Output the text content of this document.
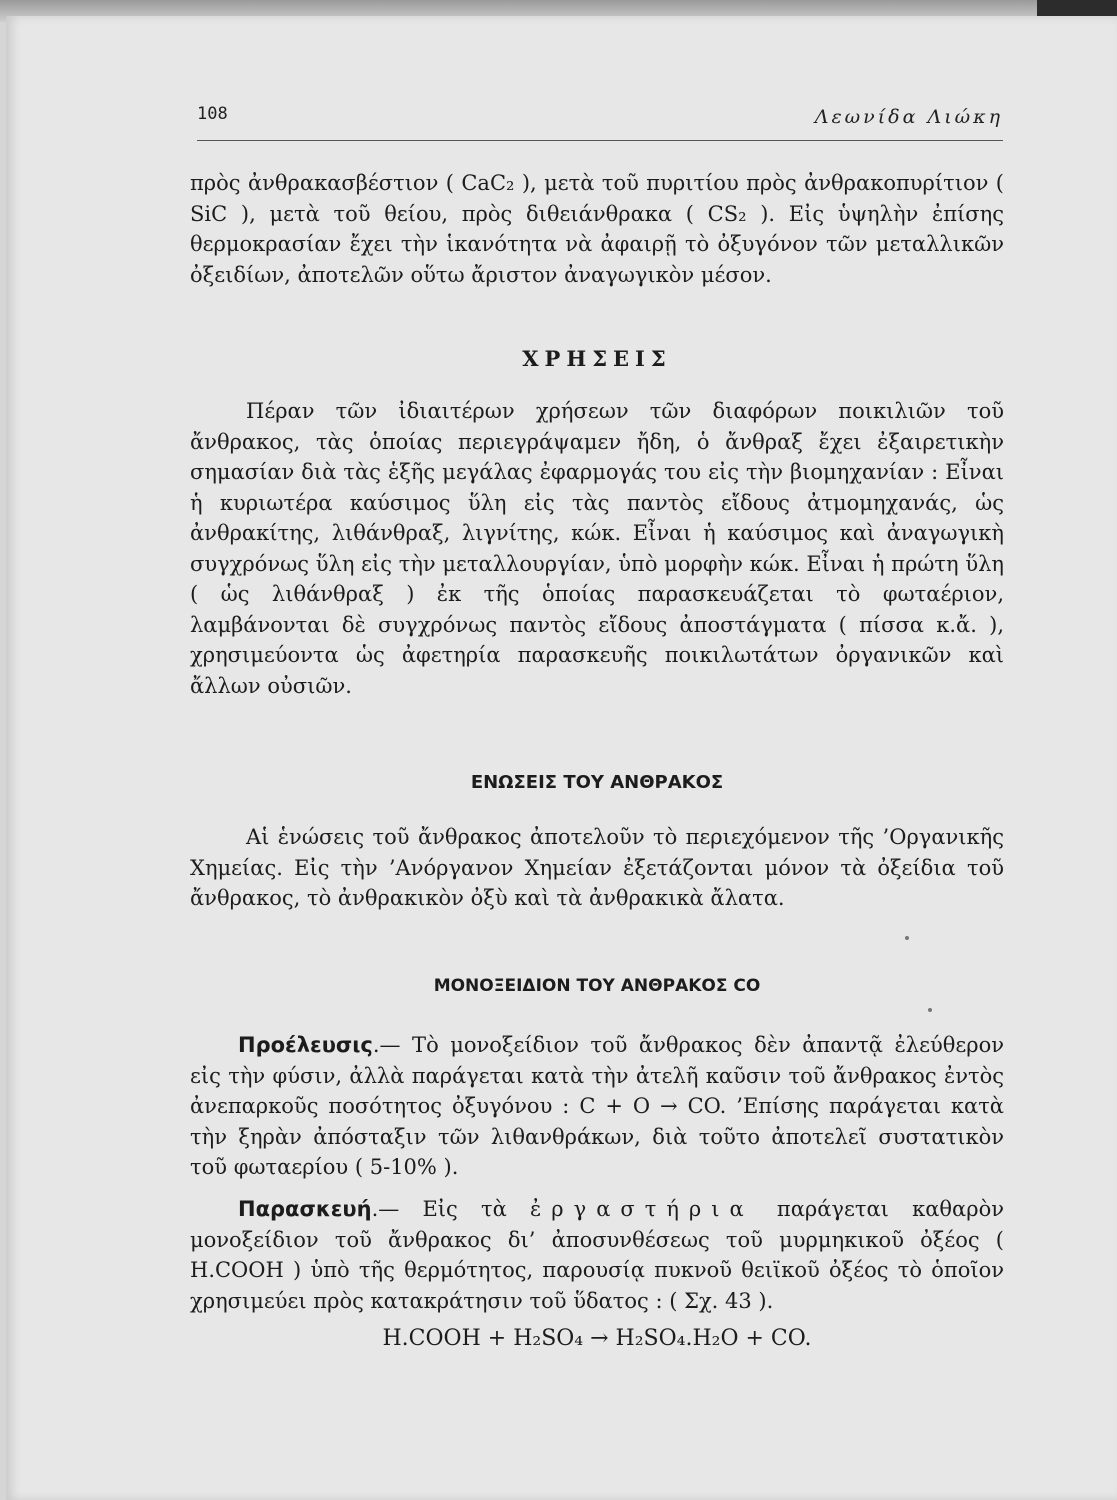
108	Λεωνίδα Λιώκη

πρὸς ἀνθρακασβέστιον ( CaC₂ ), μετὰ τοῦ πυριτίου πρὸς ἀνθρακοπυρίτιον ( SiC ), μετὰ τοῦ θείου, πρὸς διθειάνθρακα ( CS₂ ). Εἰς ὑψηλὴν ἐπίσης θερμοκρασίαν ἔχει τὴν ἱκανότητα νὰ ἀφαιρῇ τὸ ὀξυγόνον τῶν μεταλλικῶν ὀξειδίων, ἀποτελῶν οὕτω ἄριστον ἀναγωγικὸν μέσον.

ΧΡΗΣΕΙΣ

Πέραν τῶν ἰδιαιτέρων χρήσεων τῶν διαφόρων ποικιλιῶν τοῦ ἄνθρακος, τὰς ὁποίας περιεγράψαμεν ἤδη, ὁ ἄνθραξ ἔχει ἐξαιρετικὴν σημασίαν διὰ τὰς ἑξῆς μεγάλας ἐφαρμογάς του εἰς τὴν βιομηχανίαν : Εἶναι ἡ κυριωτέρα καύσιμος ὕλη εἰς τὰς παντὸς εἴδους ἀτμομηχανάς, ὡς ἀνθρακίτης, λιθάνθραξ, λιγνίτης, κώκ. Εἶναι ἡ καύσιμος καὶ ἀναγωγικὴ συγχρόνως ὕλη εἰς τὴν μεταλλουργίαν, ὑπὸ μορφὴν κώκ. Εἶναι ἡ πρώτη ὕλη ( ὡς λιθάνθραξ ) ἐκ τῆς ὁποίας παρασκευάζεται τὸ φωταέριον, λαμβάνονται δὲ συγχρόνως παντὸς εἴδους ἀποστάγματα ( πίσσα κ.ἄ. ), χρησιμεύοντα ὡς ἀφετηρία παρασκευῆς ποικιλωτάτων ὀργανικῶν καὶ ἄλλων οὐσιῶν.

ΕΝΩΣΕΙΣ ΤΟΥ ΑΝΘΡΑΚΟΣ

Αἱ ἑνώσεις τοῦ ἄνθρακος ἀποτελοῦν τὸ περιεχόμενον τῆς ’Οργανικῆς Χημείας. Εἰς τὴν ’Ανόργανον Χημείαν ἐξετάζονται μόνον τὰ ὀξείδια τοῦ ἄνθρακος, τὸ ἀνθρακικὸν ὀξὺ καὶ τὰ ἀνθρακικὰ ἄλατα.

ΜΟΝΟΞΕΙΔΙΟΝ ΤΟΥ ΑΝΘΡΑΚΟΣ CO

Προέλευσις.— Τὸ μονοξείδιον τοῦ ἄνθρακος δὲν ἀπαντᾷ ἐλεύθερον εἰς τὴν φύσιν, ἀλλὰ παράγεται κατὰ τὴν ἀτελῆ καῦσιν τοῦ ἄνθρακος ἐντὸς ἀνεπαρκοῦς ποσότητος ὀξυγόνου : C + O → CO. ’Επίσης παράγεται κατὰ τὴν ξηρὰν ἀπόσταξιν τῶν λιθανθράκων, διὰ τοῦτο ἀποτελεῖ συστατικὸν τοῦ φωταερίου ( 5-10% ).

Παρασκευή.— Εἰς τὰ ἐργαστήρια παράγεται καθαρὸν μονοξείδιον τοῦ ἄνθρακος δι’ ἀποσυνθέσεως τοῦ μυρμηκικοῦ ὀξέος ( H.COOH ) ὑπὸ τῆς θερμότητος, παρουσίᾳ πυκνοῦ θειϊκοῦ ὀξέος τὸ ὁποῖον χρησιμεύει πρὸς κατακράτησιν τοῦ ὕδατος : ( Σχ. 43 ).

H.COOH + H₂SO₄ → H₂SO₄.H₂O + CO.
